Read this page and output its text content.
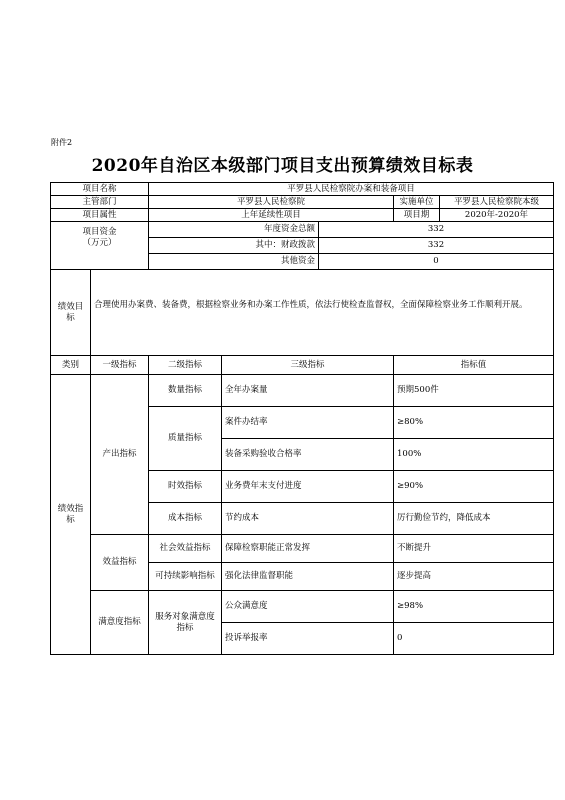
附件2
2020年自治区本级部门项目支出预算绩效目标表
项目名称		平罗县人民检察院办案和装备项目				
主管部门		平罗县人民检察院			实施单位	平罗县人民检察院本级
项目属性		上年延续性项目			项目期	2020年-2020年

项目资金
（万元）		年度资金总额		332		
		其中：财政拨款		332		
		其他资金		0		
绩效目标	合理使用办案费、装备费，根据检察业务和办案工作性质，依法行使检查监督权，全面保障检察业务工作顺利开展。					
类别	一级指标	二级指标	三级指标		指标值	
绩效指标	产出指标	数量指标	全年办案量		预期500件	
		质量指标	案件办结率		≥80%	
			装备采购验收合格率		100%	
		时效指标	业务费年末支付进度		≥90%	
		成本指标	节约成本		厉行勤俭节约，降低成本	
	效益指标	社会效益指标	保障检察职能正常发挥		不断提升	
		可持续影响指标	强化法律监督职能		逐步提高	
	满意度指标	服务对象满意度指标	公众满意度		≥98%	
			投诉举报率		0	
